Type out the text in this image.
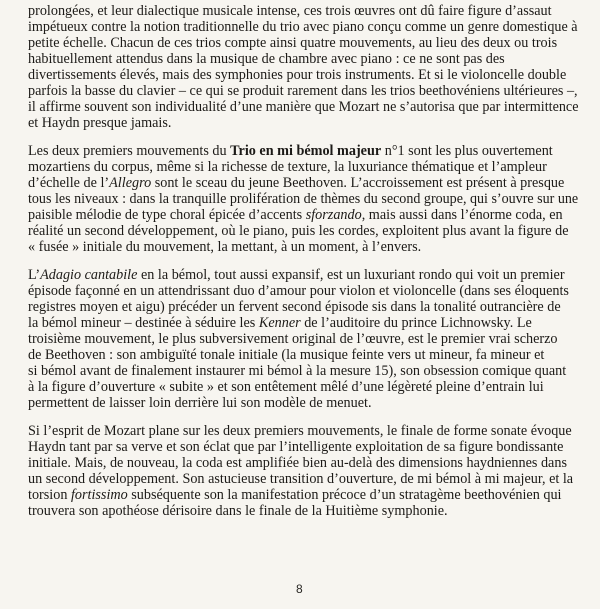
prolongées, et leur dialectique musicale intense, ces trois œuvres ont dû faire figure d’assaut
impétueux contre la notion traditionnelle du trio avec piano conçu comme un genre domestique à
petite échelle. Chacun de ces trios compte ainsi quatre mouvements, au lieu des deux ou trois
habituellement attendus dans la musique de chambre avec piano : ce ne sont pas des
divertissements élevés, mais des symphonies pour trois instruments. Et si le violoncelle double
parfois la basse du clavier – ce qui se produit rarement dans les trios beethovéniens ultérieures –,
il affirme souvent son individualité d’une manière que Mozart ne s’autorisa que par intermittence
et Haydn presque jamais.
Les deux premiers mouvements du Trio en mi bémol majeur n°1 sont les plus ouvertement
mozartiens du corpus, même si la richesse de texture, la luxuriance thématique et l’ampleur
d’échelle de l’Allegro sont le sceau du jeune Beethoven. L’accroissement est présent à presque
tous les niveaux : dans la tranquille prolifération de thèmes du second groupe, qui s’ouvre sur une
paisible mélodie de type choral épicée d’accents sforzando, mais aussi dans l’énorme coda, en
réalité un second développement, où le piano, puis les cordes, exploitent plus avant la figure de
« fusée » initiale du mouvement, la mettant, à un moment, à l’envers.
L’Adagio cantabile en la bémol, tout aussi expansif, est un luxuriant rondo qui voit un premier
épisode façonné en un attendrissant duo d’amour pour violon et violoncelle (dans ses éloquents
registres moyen et aigu) précéder un fervent second épisode sis dans la tonalité outrancière de
la bémol mineur – destinée à séduire les Kenner de l’auditoire du prince Lichnowsky. Le
troisième mouvement, le plus subversivement original de l’œuvre, est le premier vrai scherzo
de Beethoven : son ambiguïté tonale initiale (la musique feinte vers ut mineur, fa mineur et
si bémol avant de finalement instaurer mi bémol à la mesure 15), son obsession comique quant
à la figure d’ouverture « subite » et son entêtement mêlé d’une légèreté pleine d’entrain lui
permettent de laisser loin derrière lui son modèle de menuet.
Si l’esprit de Mozart plane sur les deux premiers mouvements, le finale de forme sonate évoque
Haydn tant par sa verve et son éclat que par l’intelligente exploitation de sa figure bondissante
initiale. Mais, de nouveau, la coda est amplifiée bien au-delà des dimensions haydniennes dans
un second développement. Son astucieuse transition d’ouverture, de mi bémol à mi majeur, et la
torsion fortissimo subséquente son la manifestation précoce d’un stratagème beethovénien qui
trouvera son apothéose dérisoire dans le finale de la Huitième symphonie.
8
